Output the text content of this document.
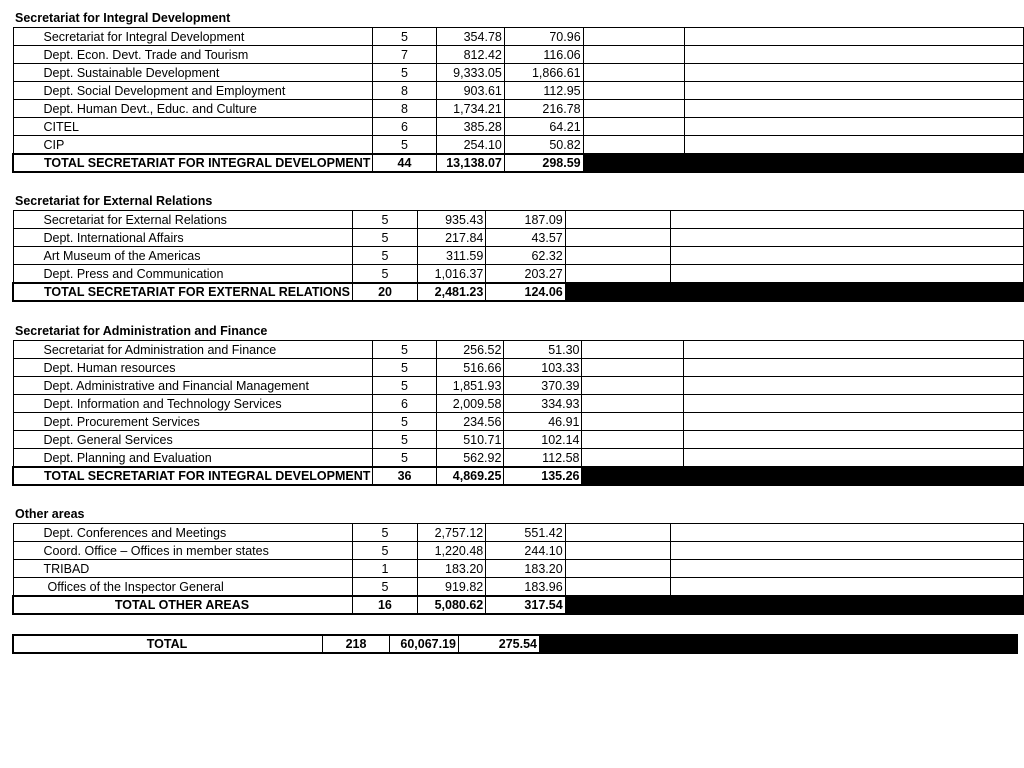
Secretariat for Integral Development
Secretariat for Integral Development	5	354.78	70.96		
Dept. Econ. Devt. Trade and Tourism	7	812.42	116.06		
Dept. Sustainable Development	5	9,333.05	1,866.61		
Dept. Social Development and Employment	8	903.61	112.95		
Dept. Human Devt., Educ. and Culture	8	1,734.21	216.78		
CITEL	6	385.28	64.21		
CIP	5	254.10	50.82		
TOTAL SECRETARIAT FOR INTEGRAL DEVELOPMENT	44	13,138.07	298.59		
Secretariat for External Relations
Secretariat for External Relations	5	935.43	187.09		
Dept. International Affairs	5	217.84	43.57		
Art Museum of the Americas	5	311.59	62.32		
Dept. Press and Communication	5	1,016.37	203.27		
TOTAL SECRETARIAT FOR EXTERNAL RELATIONS	20	2,481.23	124.06		
Secretariat for Administration and Finance
Secretariat for Administration and Finance	5	256.52	51.30		
Dept. Human resources	5	516.66	103.33		
Dept. Administrative and Financial Management	5	1,851.93	370.39		
Dept. Information and Technology Services	6	2,009.58	334.93		
Dept. Procurement Services	5	234.56	46.91		
Dept. General Services	5	510.71	102.14		
Dept. Planning and Evaluation	5	562.92	112.58		
TOTAL SECRETARIAT FOR INTEGRAL DEVELOPMENT	36	4,869.25	135.26		
Other areas
Dept. Conferences and Meetings	5	2,757.12	551.42		
Coord. Office – Offices in member states	5	1,220.48	244.10		
TRIBAD	1	183.20	183.20		
Offices of the Inspector General	5	919.82	183.96		
TOTAL OTHER AREAS	16	5,080.62	317.54		
TOTAL	218	60,067.19	275.54		
